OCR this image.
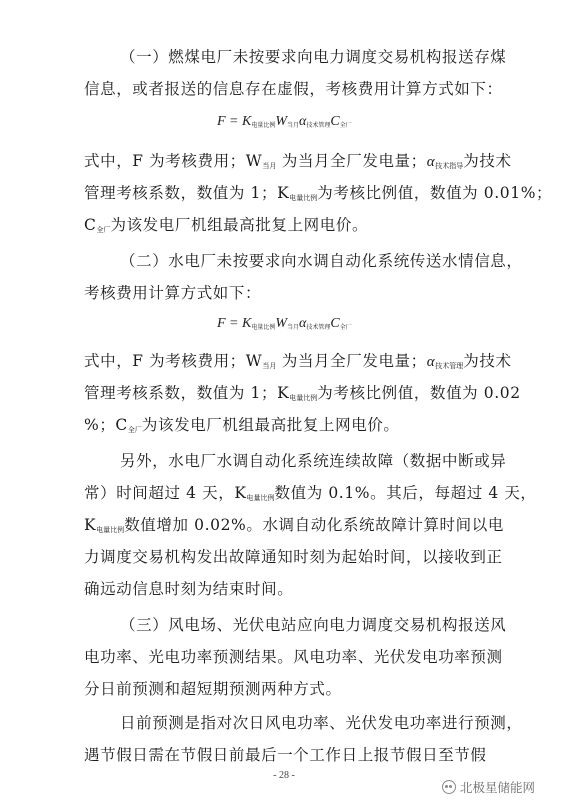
（一）燃煤电厂未按要求向电力调度交易机构报送存煤
信息，或者报送的信息存在虚假，考核费用计算方式如下：
$F = K_{电量比例}W_{当月}\alpha_{技术管理}C_{全厂}$
式中，F 为考核费用；$W_{当月}$ 为当月全厂发电量；$\alpha_{技术指导}$为技术
管理考核系数，数值为 1；$K_{电量比例}$为考核比例值，数值为 0.01%；
$C_{全厂}$为该发电厂机组最高批复上网电价。
（二）水电厂未按要求向水调自动化系统传送水情信息，
考核费用计算方式如下：
$F = K_{电量比例}W_{当月}\alpha_{技术管理}C_{全厂}$
式中，F 为考核费用；$W_{当月}$ 为当月全厂发电量；$\alpha_{技术管理}$为技术
管理考核系数，数值为 1；$K_{电量比例}$为考核比例值，数值为 0.02
%；$C_{全厂}$为该发电厂机组最高批复上网电价。
另外，水电厂水调自动化系统连续故障（数据中断或异
常）时间超过 4 天，$K_{电量比例}$数值为 0.1%。其后，每超过 4 天，
$K_{电量比例}$数值增加 0.02%。水调自动化系统故障计算时间以电
力调度交易机构发出故障通知时刻为起始时间，以接收到正
确远动信息时刻为结束时间。
（三）风电场、光伏电站应向电力调度交易机构报送风
电功率、光电功率预测结果。风电功率、光伏发电功率预测
分日前预测和超短期预测两种方式。
日前预测是指对次日风电功率、光伏发电功率进行预测，
遇节假日需在节假日前最后一个工作日上报节假日至节假
- 28 -
北极星储能网
